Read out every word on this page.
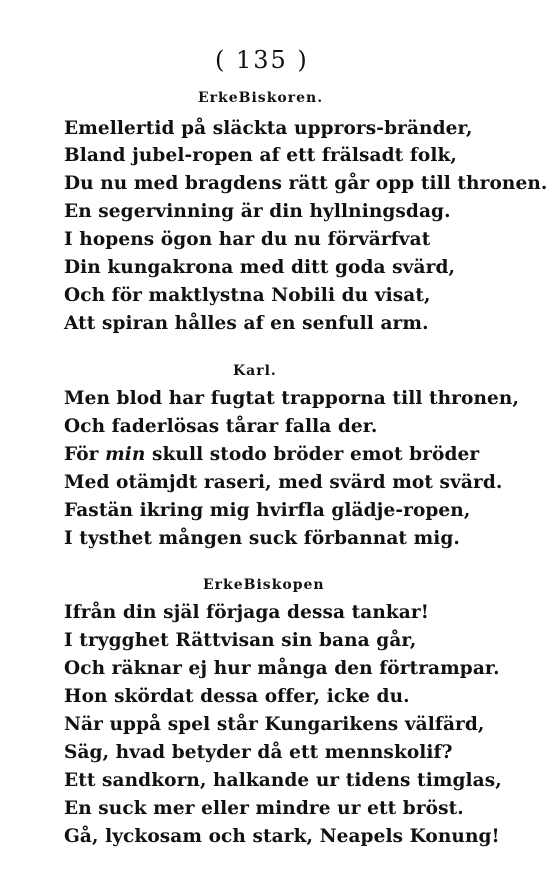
( 135 )
ErkeBiskoren.
Emellertid på släckta upprors-bränder,
Bland jubel-ropen af ett frälsadt folk,
Du nu med bragdens rätt går opp till thronen.
En segervinning är din hyllningsdag.
I hopens ögon har du nu förvärfvat
Din kungakrona med ditt goda svärd,
Och för maktlystna Nobili du visat,
Att spiran hålles af en senfull arm.
Karl.
Men blod har fugtat trapporna till thronen,
Och faderlösas tårar falla der.
För min skull stodo bröder emot bröder
Med otämjdt raseri, med svärd mot svärd.
Fastän ikring mig hvirfla glädje-ropen,
I tysthet mången suck förbannat mig.
ErkeBiskopen
Ifrån din själ förjaga dessa tankar!
I trygghet Rättvisan sin bana går,
Och räknar ej hur många den förtrampar.
Hon skördat dessa offer, icke du.
När uppå spel står Kungarikens välfärd,
Säg, hvad betyder då ett mennskolif?
Ett sandkorn, halkande ur tidens timglas,
En suck mer eller mindre ur ett bröst.
Gå, lyckosam och stark, Neapels Konung!
